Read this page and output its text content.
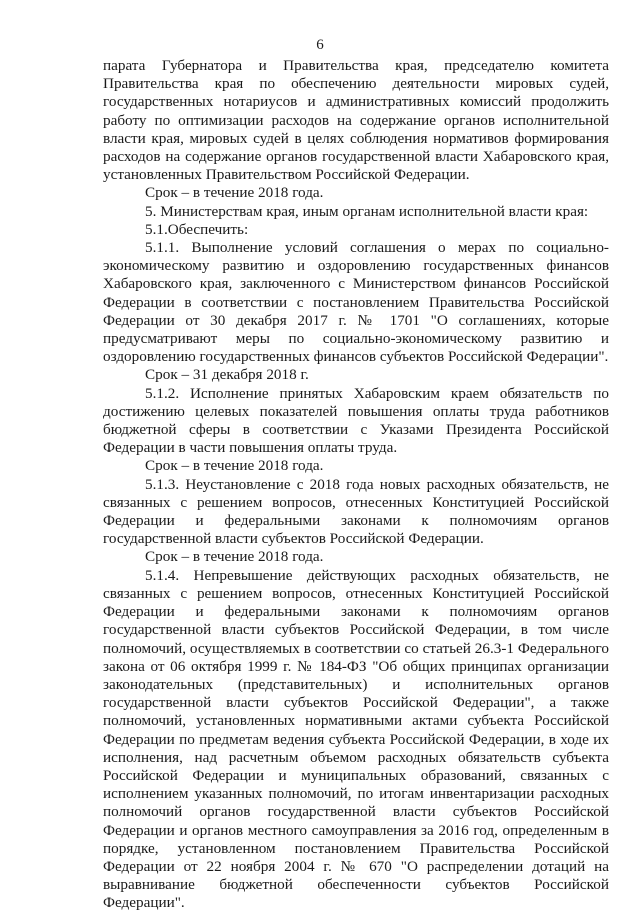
6

парата Губернатора и Правительства края, председателю комитета Правительства края по обеспечению деятельности мировых судей, государственных нотариусов и административных комиссий продолжить работу по оптимизации расходов на содержание органов исполнительной власти края, мировых судей в целях соблюдения нормативов формирования расходов на содержание органов государственной власти Хабаровского края, установленных Правительством Российской Федерации.

Срок – в течение 2018 года.

5. Министерствам края, иным органам исполнительной власти края:

5.1.Обеспечить:

5.1.1. Выполнение условий соглашения о мерах по социально-экономическому развитию и оздоровлению государственных финансов Хабаровского края, заключенного с Министерством финансов Российской Федерации в соответствии с постановлением Правительства Российской Федерации от 30 декабря 2017 г. № 1701 "О соглашениях, которые предусматривают меры по социально-экономическому развитию и оздоровлению государственных финансов субъектов Российской Федерации".

Срок – 31 декабря 2018 г.

5.1.2. Исполнение принятых Хабаровским краем обязательств по достижению целевых показателей повышения оплаты труда работников бюджетной сферы в соответствии с Указами Президента Российской Федерации в части повышения оплаты труда.

Срок – в течение 2018 года.

5.1.3. Неустановление с 2018 года новых расходных обязательств, не связанных с решением вопросов, отнесенных Конституцией Российской Федерации и федеральными законами к полномочиям органов государственной власти субъектов Российской Федерации.

Срок – в течение 2018 года.

5.1.4. Непревышение действующих расходных обязательств, не связанных с решением вопросов, отнесенных Конституцией Российской Федерации и федеральными законами к полномочиям органов государственной власти субъектов Российской Федерации, в том числе полномочий, осуществляемых в соответствии со статьей 26.3-1 Федерального закона от 06 октября 1999 г. № 184-ФЗ "Об общих принципах организации законодательных (представительных) и исполнительных органов государственной власти субъектов Российской Федерации", а также полномочий, установленных нормативными актами субъекта Российской Федерации по предметам ведения субъекта Российской Федерации, в ходе их исполнения, над расчетным объемом расходных обязательств субъекта Российской Федерации и муниципальных образований, связанных с исполнением указанных полномочий, по итогам инвентаризации расходных полномочий органов государственной власти субъектов Российской Федерации и органов местного самоуправления за 2016 год, определенным в порядке, установленном постановлением Правительства Российской Федерации от 22 ноября 2004 г. № 670 "О распределении дотаций на выравнивание бюджетной обеспеченности субъектов Российской Федерации".
